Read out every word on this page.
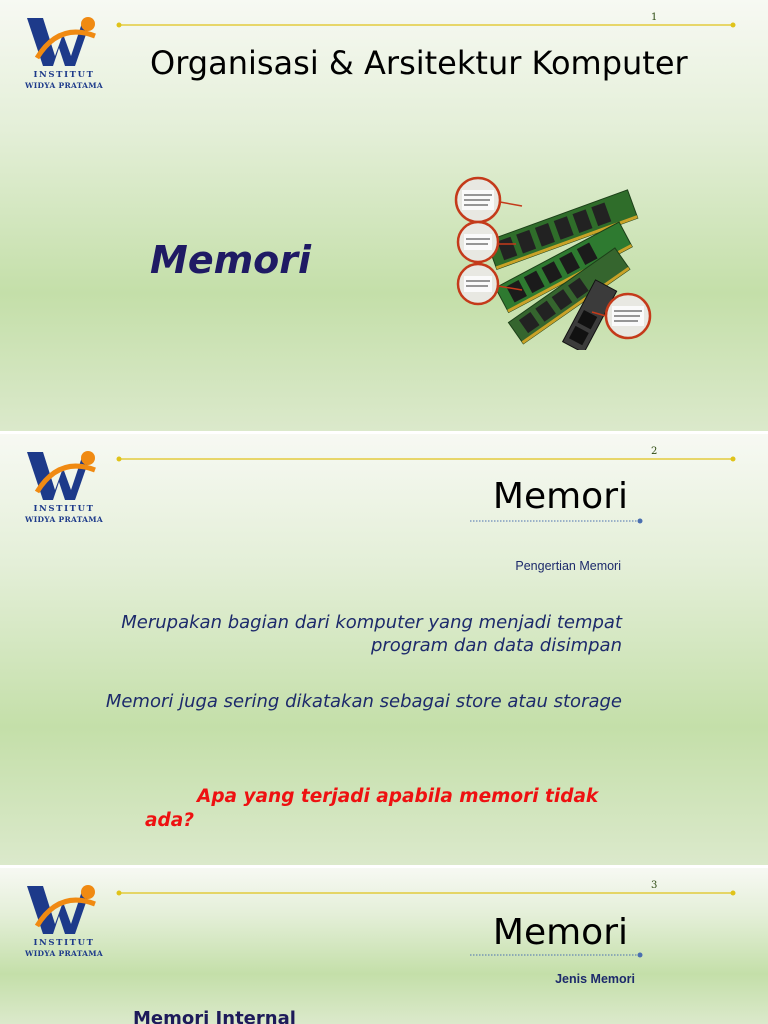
INSTITUT
WIDYA PRATAMA
1
Organisasi & Arsitektur Komputer
Memori
INSTITUT
WIDYA PRATAMA
2
Memori
Pengertian Memori
Merupakan bagian dari komputer yang menjadi tempat program dan data disimpan
Memori juga sering dikatakan sebagai store atau storage
Apa yang terjadi apabila memori tidak ada?
INSTITUT
WIDYA PRATAMA
3
Memori
Jenis Memori
Memori Internal
